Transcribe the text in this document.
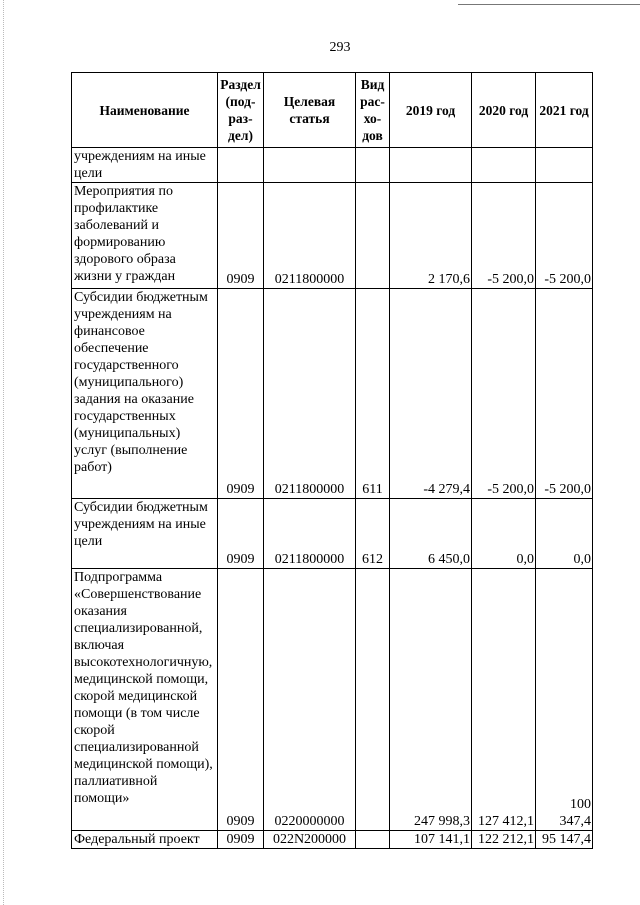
293
Наименование	Раздел (под-раз-дел)	Целевая статья	Вид рас-хо-дов	2019 год	2020 год	2021 год
учреждениям на иные цели						
Мероприятия по профилактике заболеваний и формированию здорового образа жизни у граждан	0909	0211800000		2 170,6	-5 200,0	-5 200,0
Субсидии бюджетным учреждениям на финансовое обеспечение государственного (муниципального) задания на оказание государственных (муниципальных) услуг (выполнение работ)	0909	0211800000	611	-4 279,4	-5 200,0	-5 200,0
Субсидии бюджетным учреждениям на иные цели	0909	0211800000	612	6 450,0	0,0	0,0
Подпрограмма «Совершенствование оказания специализированной, включая высокотехнологичную, медицинской помощи, скорой медицинской помощи (в том числе скорой специализированной медицинской помощи), паллиативной помощи»	0909	0220000000		247 998,3	127 412,1	100 347,4
Федеральный проект	0909	022N200000		107 141,1	122 212,1	95 147,4
